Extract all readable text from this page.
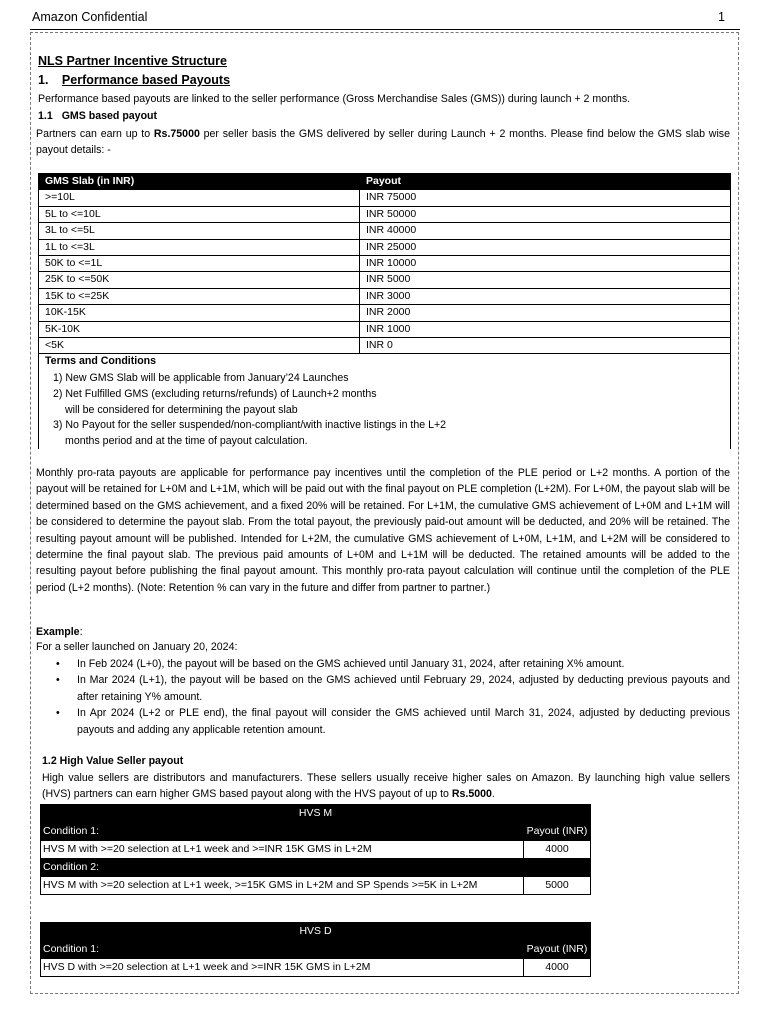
Amazon Confidential	1
NLS Partner Incentive Structure
1. Performance based Payouts
Performance based payouts are linked to the seller performance (Gross Merchandise Sales (GMS)) during launch + 2 months.
1.1 GMS based payout
Partners can earn up to Rs.75000 per seller basis the GMS delivered by seller during Launch + 2 months. Please find below the GMS slab wise payout details: -
GMS Slab (in INR)	Payout
>=10L	INR 75000
5L to <=10L	INR 50000
3L to <=5L	INR 40000
1L to <=3L	INR 25000
50K to <=1L	INR 10000
25K to <=50K	INR 5000
15K to <=25K	INR 3000
10K-15K	INR 2000
5K-10K	INR 1000
<5K	INR 0
Terms and Conditions
1) New GMS Slab will be applicable from January’24 Launches
2) Net Fulfilled GMS (excluding returns/refunds) of Launch+2 months
will be considered for determining the payout slab
3) No Payout for the seller suspended/non-compliant/with inactive listings in the L+2
months period and at the time of payout calculation.
Monthly pro-rata payouts are applicable for performance pay incentives until the completion of the PLE period or L+2 months. A portion of the payout will be retained for L+0M and L+1M, which will be paid out with the final payout on PLE completion (L+2M). For L+0M, the payout slab will be determined based on the GMS achievement, and a fixed 20% will be retained. For L+1M, the cumulative GMS achievement of L+0M and L+1M will be considered to determine the payout slab. From the total payout, the previously paid-out amount will be deducted, and 20% will be retained. The resulting payout amount will be published. Intended for L+2M, the cumulative GMS achievement of L+0M, L+1M, and L+2M will be considered to determine the final payout slab. The previous paid amounts of L+0M and L+1M will be deducted. The retained amounts will be added to the resulting payout before publishing the final payout amount. This monthly pro-rata payout calculation will continue until the completion of the PLE period (L+2 months). (Note: Retention % can vary in the future and differ from partner to partner.)
Example:
For a seller launched on January 20, 2024:
• In Feb 2024 (L+0), the payout will be based on the GMS achieved until January 31, 2024, after retaining X% amount.
• In Mar 2024 (L+1), the payout will be based on the GMS achieved until February 29, 2024, adjusted by deducting previous payouts and after retaining Y% amount.
• In Apr 2024 (L+2 or PLE end), the final payout will consider the GMS achieved until March 31, 2024, adjusted by deducting previous payouts and adding any applicable retention amount.
1.2 High Value Seller payout
High value sellers are distributors and manufacturers. These sellers usually receive higher sales on Amazon. By launching high value sellers (HVS) partners can earn higher GMS based payout along with the HVS payout of up to Rs.5000.
HVS M	
Condition 1:	Payout (INR)
HVS M with >=20 selection at L+1 week and >=INR 15K GMS in L+2M	4000
Condition 2:	
HVS M with >=20 selection at L+1 week, >=15K GMS in L+2M and SP Spends >=5K in L+2M	5000
HVS D	
Condition 1:	Payout (INR)
HVS D with >=20 selection at L+1 week and >=INR 15K GMS in L+2M	4000
